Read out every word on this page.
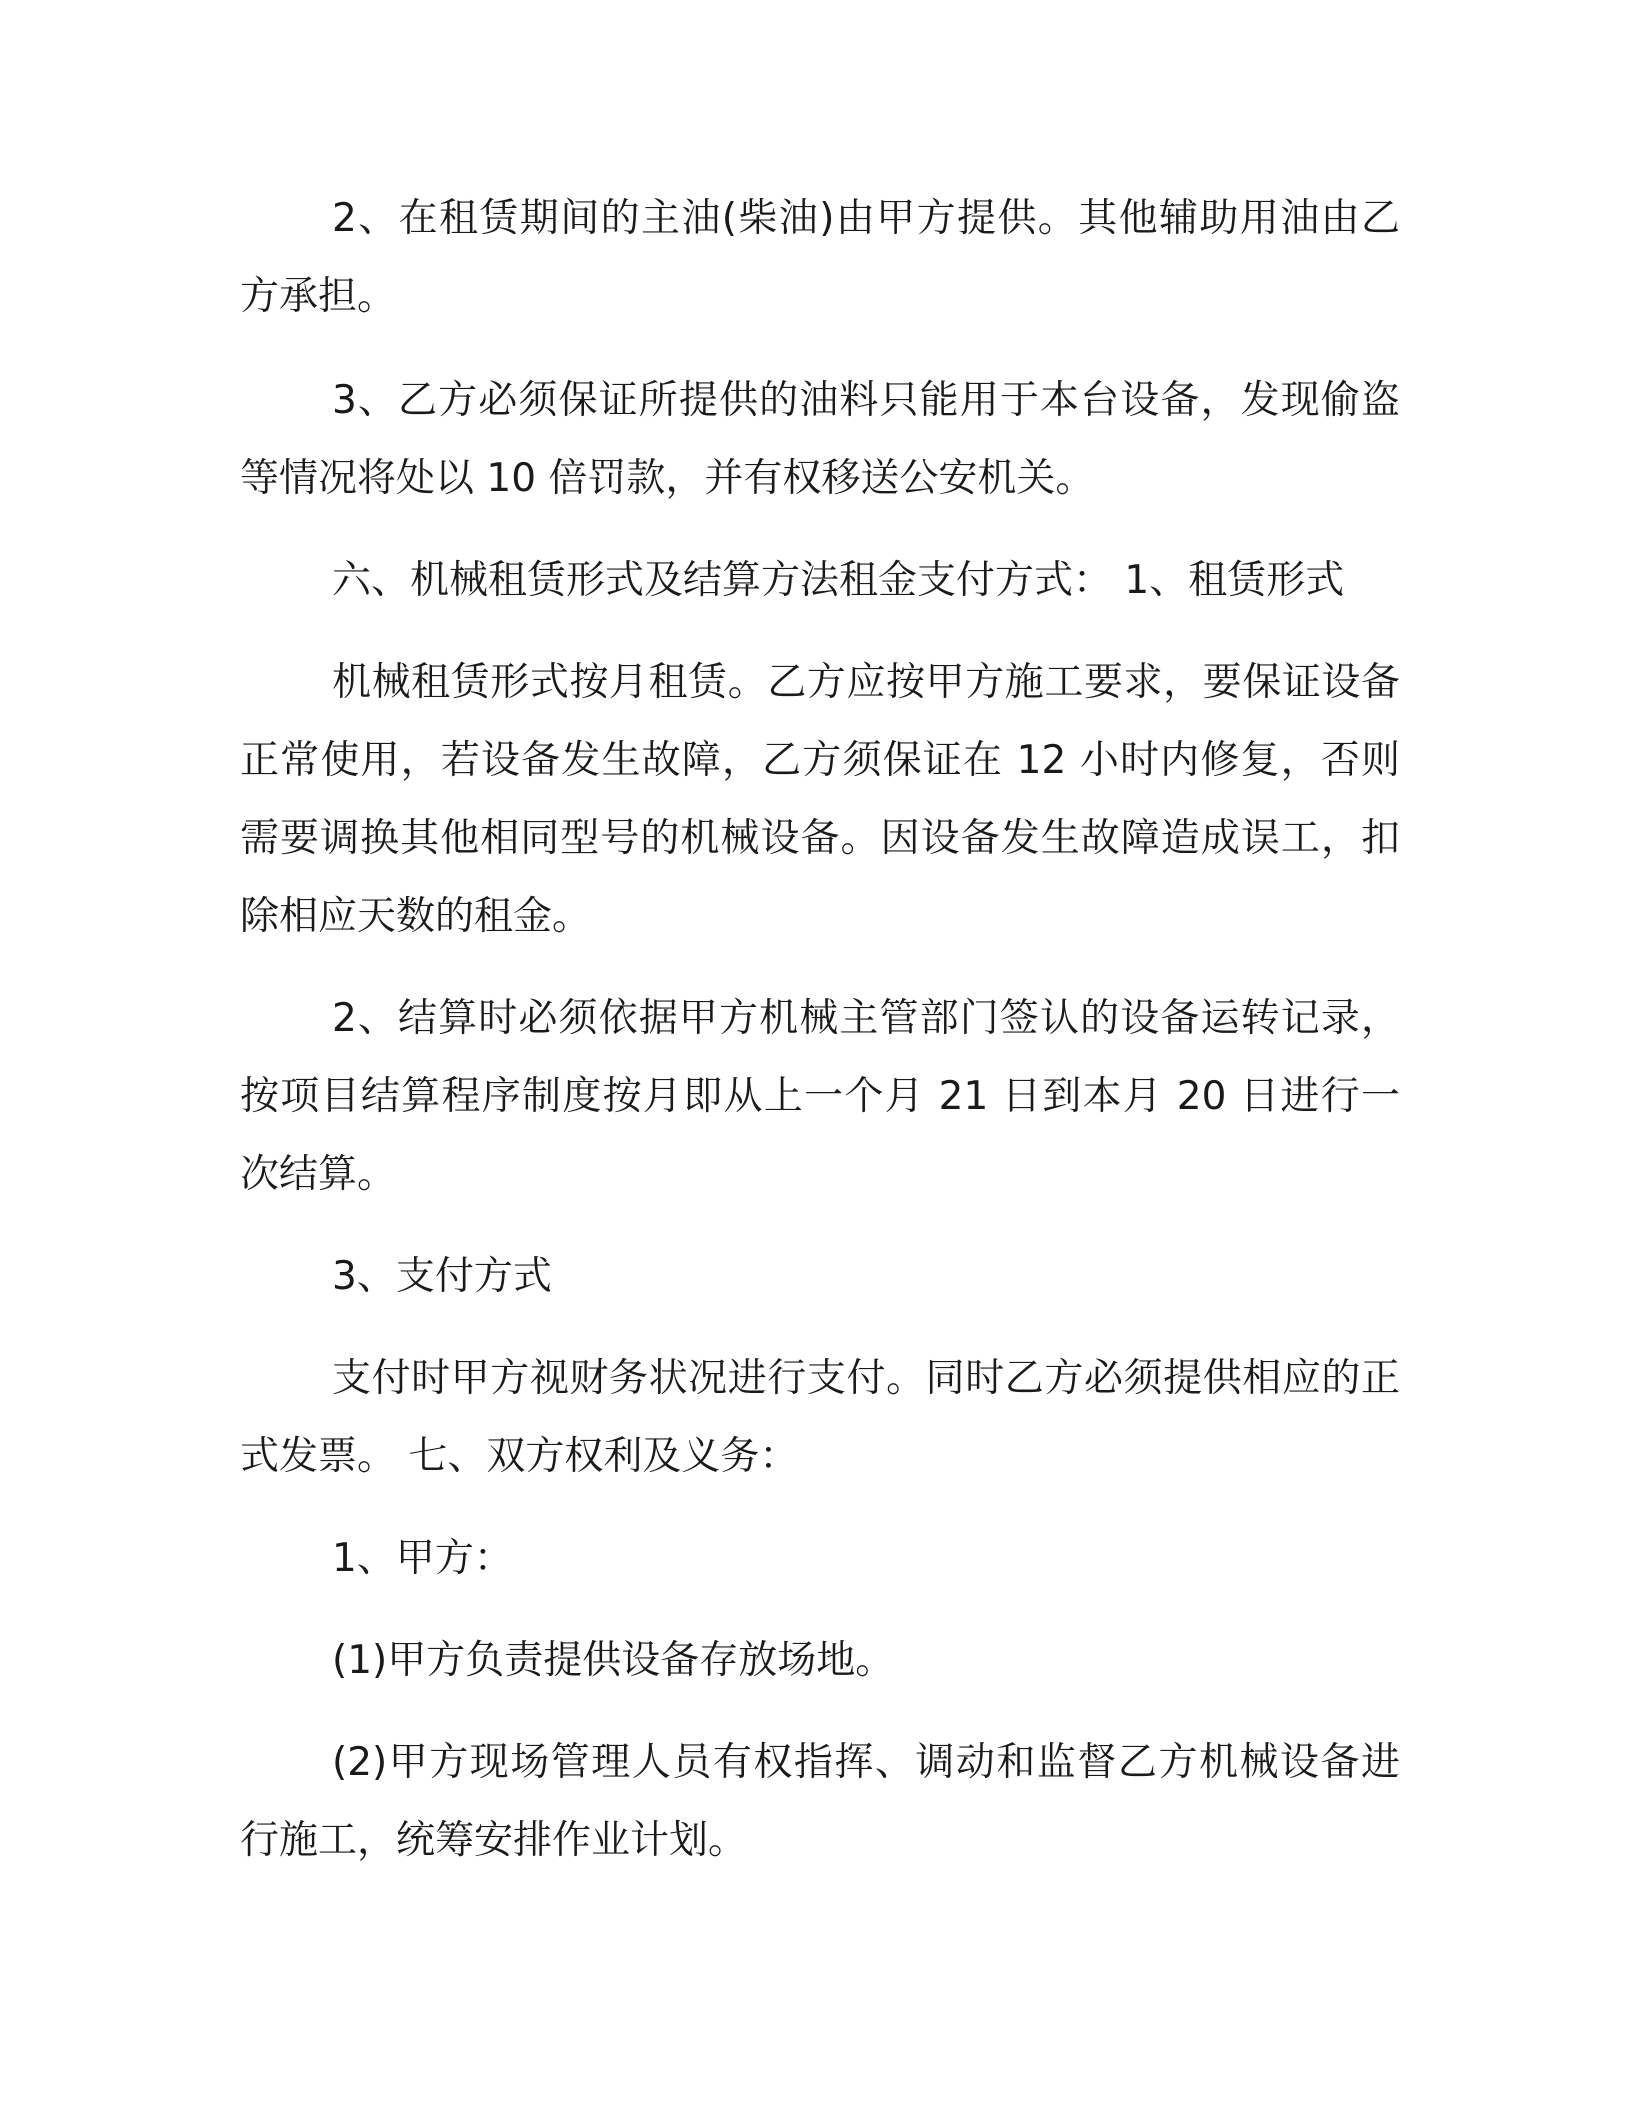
2、在租赁期间的主油(柴油)由甲方提供。其他辅助用油由乙方承担。

3、乙方必须保证所提供的油料只能用于本台设备，发现偷盗等情况将处以 10 倍罚款，并有权移送公安机关。

六、机械租赁形式及结算方法租金支付方式： 1、租赁形式

机械租赁形式按月租赁。乙方应按甲方施工要求，要保证设备正常使用，若设备发生故障，乙方须保证在 12 小时内修复，否则需要调换其他相同型号的机械设备。因设备发生故障造成误工，扣除相应天数的租金。

2、结算时必须依据甲方机械主管部门签认的设备运转记录，按项目结算程序制度按月即从上一个月 21 日到本月 20 日进行一次结算。

3、支付方式

支付时甲方视财务状况进行支付。同时乙方必须提供相应的正式发票。 七、双方权利及义务：

1、甲方：

(1)甲方负责提供设备存放场地。

(2)甲方现场管理人员有权指挥、调动和监督乙方机械设备进行施工，统筹安排作业计划。
